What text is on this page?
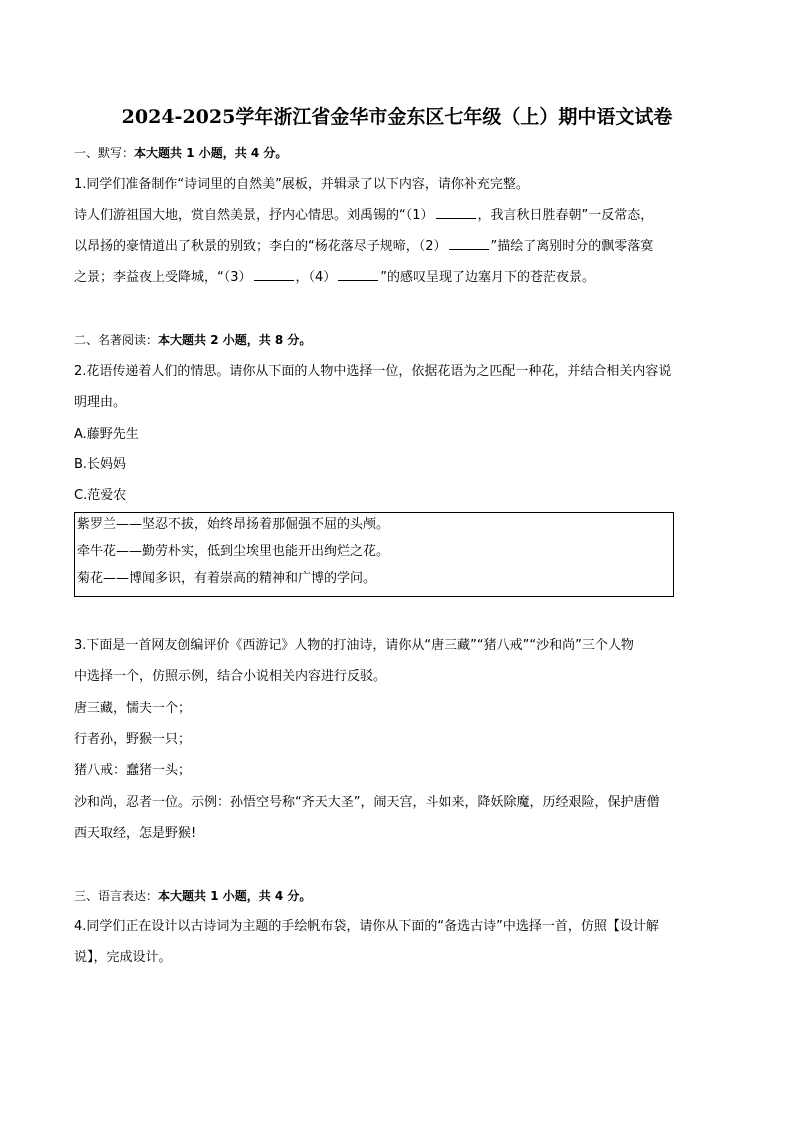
2024-2025学年浙江省金华市金东区七年级（上）期中语文试卷
一、默写：本大题共 1 小题，共 4 分。
1.同学们准备制作“诗词里的自然美”展板，并辑录了以下内容，请你补充完整。
诗人们游祖国大地，赏自然美景，抒内心情思。刘禹锡的“（1）	，我言秋日胜春朝”一反常态，
以昂扬的豪情道出了秋景的别致；李白的“杨花落尽子规啼，（2）	”描绘了离别时分的飘零落寞
之景；李益夜上受降城，“（3）	，（4）	”的感叹呈现了边塞月下的苍茫夜景。
二、名著阅读：本大题共 2 小题，共 8 分。
2.花语传递着人们的情思。请你从下面的人物中选择一位，依据花语为之匹配一种花，并结合相关内容说
明理由。
A.藤野先生
B.长妈妈
C.范爱农
紫罗兰——坚忍不拔，始终昂扬着那倔强不屈的头颅。
牵牛花——勤劳朴实，低到尘埃里也能开出绚烂之花。
菊花——博闻多识，有着崇高的精神和广博的学问。
3.下面是一首网友创编评价《西游记》人物的打油诗，请你从“唐三藏”“猪八戒”“沙和尚”三个人物
中选择一个，仿照示例，结合小说相关内容进行反驳。
唐三藏，懦夫一个；
行者孙，野猴一只；
猪八戒：蠢猪一头；
沙和尚，忍者一位。示例：孙悟空号称“齐天大圣”，闹天宫，斗如来，降妖除魔，历经艰险，保护唐僧
西天取经，怎是野猴!
三、语言表达：本大题共 1 小题，共 4 分。
4.同学们正在设计以古诗词为主题的手绘帆布袋，请你从下面的“备选古诗”中选择一首，仿照【设计解
说】，完成设计。
